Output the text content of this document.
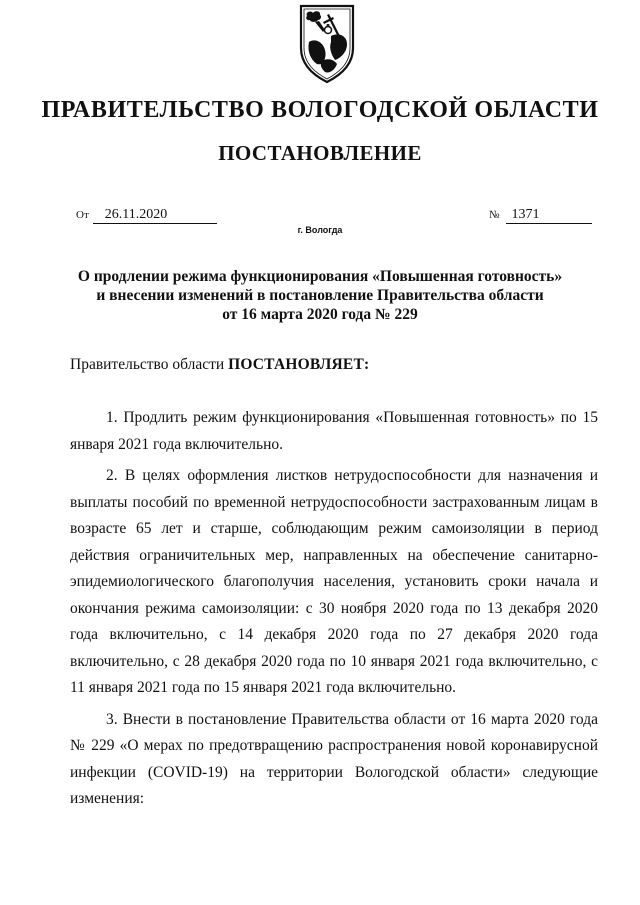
ПРАВИТЕЛЬСТВО ВОЛОГОДСКОЙ ОБЛАСТИ
ПОСТАНОВЛЕНИЕ
От 26.11.2020	№ 1371
г. Вологда
О продлении режима функционирования «Повышенная готовность»
и внесении изменений в постановление Правительства области
от 16 марта 2020 года № 229
Правительство области ПОСТАНОВЛЯЕТ:

1. Продлить режим функционирования «Повышенная готовность» по 15 января 2021 года включительно.

2. В целях оформления листков нетрудоспособности для назначения и выплаты пособий по временной нетрудоспособности застрахованным лицам в возрасте 65 лет и старше, соблюдающим режим самоизоляции в период действия ограничительных мер, направленных на обеспечение санитарно-эпидемиологического благополучия населения, установить сроки начала и окончания режима самоизоляции: с 30 ноября 2020 года по 13 декабря 2020 года включительно, с 14 декабря 2020 года по 27 декабря 2020 года включительно, с 28 декабря 2020 года по 10 января 2021 года включительно, с 11 января 2021 года по 15 января 2021 года включительно.

3. Внести в постановление Правительства области от 16 марта 2020 года № 229 «О мерах по предотвращению распространения новой коронавирусной инфекции (COVID-19) на территории Вологодской области» следующие изменения:
